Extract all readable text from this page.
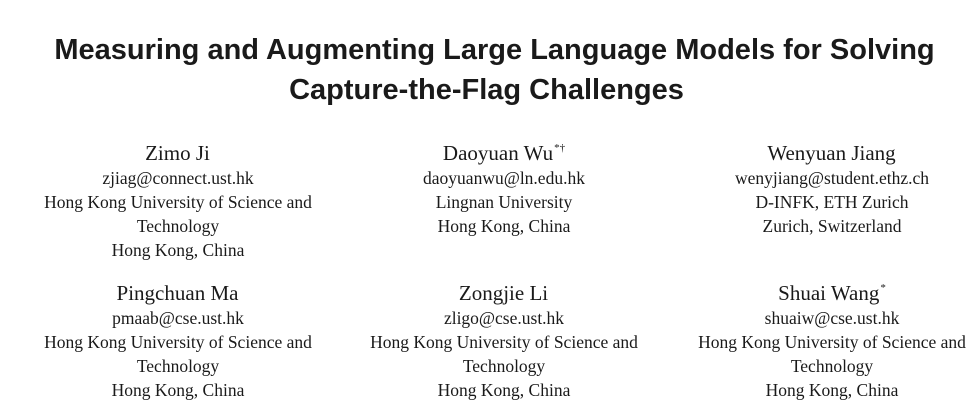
Measuring and Augmenting Large Language Models for Solving
Capture-the-Flag Challenges
Zimo Ji
zjiag@connect.ust.hk
Hong Kong University of Science and
Technology
Hong Kong, China
Daoyuan Wu*†
daoyuanwu@ln.edu.hk
Lingnan University
Hong Kong, China
Wenyuan Jiang
wenyjiang@student.ethz.ch
D-INFK, ETH Zurich
Zurich, Switzerland
Pingchuan Ma
pmaab@cse.ust.hk
Hong Kong University of Science and
Technology
Hong Kong, China
Zongjie Li
zligo@cse.ust.hk
Hong Kong University of Science and
Technology
Hong Kong, China
Shuai Wang*
shuaiw@cse.ust.hk
Hong Kong University of Science and
Technology
Hong Kong, China
